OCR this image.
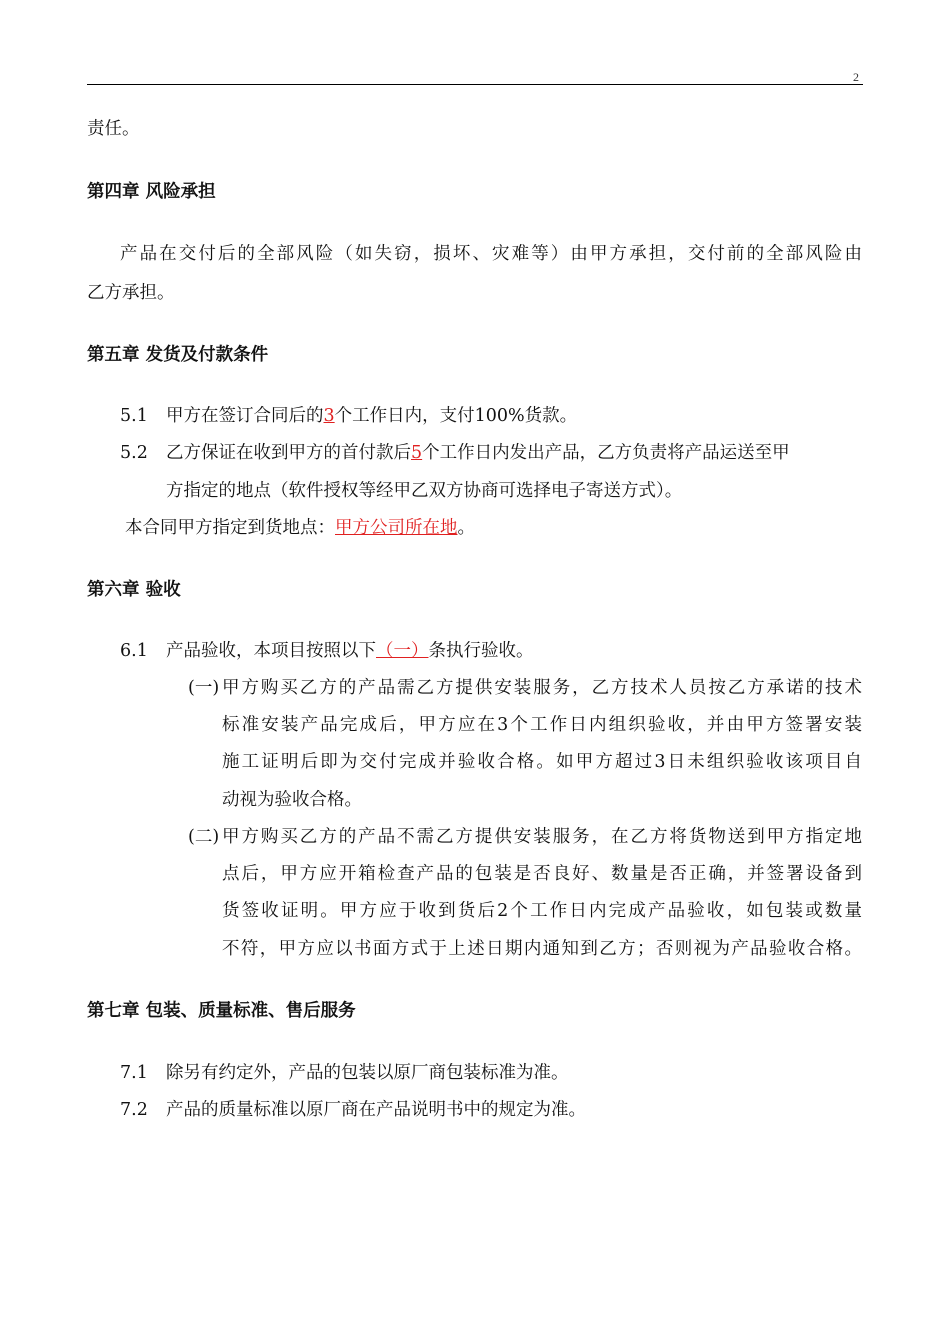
2
责任。
第四章 风险承担
产品在交付后的全部风险（如失窃，损坏、灾难等）由甲方承担，交付前的全部风险由
乙方承担。
第五章 发货及付款条件
5.1 甲方在签订合同后的3个工作日内，支付100%货款。
5.2 乙方保证在收到甲方的首付款后5个工作日内发出产品，乙方负责将产品运送至甲
方指定的地点（软件授权等经甲乙双方协商可选择电子寄送方式）。
本合同甲方指定到货地点：甲方公司所在地。
第六章 验收
6.1 产品验收，本项目按照以下（一）条执行验收。
(一) 甲方购买乙方的产品需乙方提供安装服务，乙方技术人员按乙方承诺的技术
标准安装产品完成后，甲方应在3个工作日内组织验收，并由甲方签署安装
施工证明后即为交付完成并验收合格。如甲方超过3日未组织验收该项目自
动视为验收合格。
(二) 甲方购买乙方的产品不需乙方提供安装服务，在乙方将货物送到甲方指定地
点后，甲方应开箱检查产品的包装是否良好、数量是否正确，并签署设备到
货签收证明。甲方应于收到货后2个工作日内完成产品验收，如包装或数量
不符，甲方应以书面方式于上述日期内通知到乙方；否则视为产品验收合格。
第七章 包装、质量标准、售后服务
7.1 除另有约定外，产品的包装以原厂商包装标准为准。
7.2 产品的质量标准以原厂商在产品说明书中的规定为准。
